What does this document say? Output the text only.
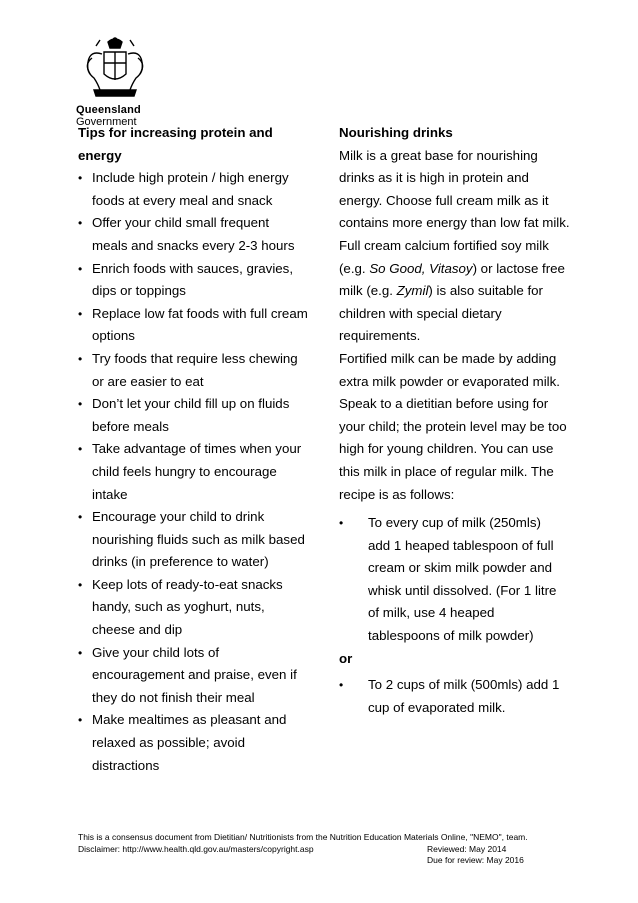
Queensland
Government
Tips for increasing protein and
energy
• Include high protein / high energy
foods at every meal and snack
• Offer your child small frequent
meals and snacks every 2-3 hours
• Enrich foods with sauces, gravies,
dips or toppings
• Replace low fat foods with full cream
options
• Try foods that require less chewing
or are easier to eat
• Don’t let your child fill up on fluids
before meals
• Take advantage of times when your
child feels hungry to encourage
intake
• Encourage your child to drink
nourishing fluids such as milk based
drinks (in preference to water)
• Keep lots of ready-to-eat snacks
handy, such as yoghurt, nuts,
cheese and dip
• Give your child lots of
encouragement and praise, even if
they do not finish their meal
• Make mealtimes as pleasant and
relaxed as possible; avoid
distractions
Nourishing drinks

Milk is a great base for nourishing
drinks as it is high in protein and
energy. Choose full cream milk as it
contains more energy than low fat milk.
Full cream calcium fortified soy milk
(e.g. So Good, Vitasoy) or lactose free
milk (e.g. Zymil) is also suitable for
children with special dietary
requirements.

Fortified milk can be made by adding
extra milk powder or evaporated milk.
Speak to a dietitian before using for
your child; the protein level may be too
high for young children. You can use
this milk in place of regular milk. The
recipe is as follows:

• To every cup of milk (250mls)
add 1 heaped tablespoon of full
cream or skim milk powder and
whisk until dissolved. (For 1 litre
of milk, use 4 heaped
tablespoons of milk powder)

or

• To 2 cups of milk (500mls) add 1
cup of evaporated milk.
This is a consensus document from Dietitian/ Nutritionists from the Nutrition Education Materials Online, "NEMO", team.
Disclaimer: http://www.health.qld.gov.au/masters/copyright.asp	Reviewed: May 2014
Due for review: May 2016
